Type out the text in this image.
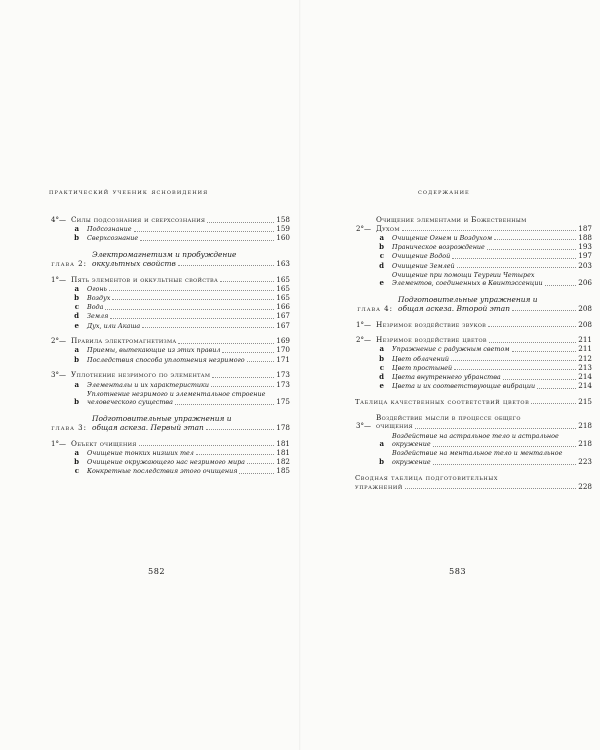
практический учебник ясновидения
4°— Силы подсознания и сверхсознания	158
a Подсознание	159
b Сверхсознание	160
глава 2:
Электромагнетизм и пробуждение оккультных свойств	163
1°— Пять элементов и оккультные свойства	165
a Огонь	165
b Воздух	165
c Вода	166
d Земля	167
e Дух, или Акаша	167
2°— Правила электромагнетизма	169
a Приемы, вытекающие из этих правил	170
b Последствия способа уплотнения незримого	171
3°— Уплотнение незримого по элементам	173
a Элементалы и их характеристики	173
b
Уплотнение незримого и элементальное строение человеческого существа	175
глава 3:
Подготовительные упражнения и общая аскеза. Первый этап	178
1°— Объект очищения	181
a Очищение тонких низших тел	181
b Очищение окружающего нас незримого мира	182
c Конкретные последствия этого очищения	185
582
содержание
2°—
Очищение элементами и Божественным Духом	187
a Очищение Огнем и Воздухом	188
b Праническое возрождение	193
c Очищение Водой	197
d Очищение Землей	203
e
Очищение при помощи Теургии Четырех Элементов, соединенных в Квинтэссенции	206
глава 4:
Подготовительные упражнения и общая аскеза. Второй этап	208
1°— Незримое воздействие звуков	208
2°— Незримое воздействие цветов	211
a Упражнение с радужным светом	211
b Цвет облачений	212
c Цвет простыней	213
d Цвета внутреннего убранства	214
e Цвета и их соответствующие вибрации	214
Таблица качественных соответствий цветов	215
3°—
Воздействие мысли в процессе общего очищения	218
a
Воздействие на астральное тело и астральное окружение	218
b
Воздействие на ментальное тело и ментальное окружение	223
Сводная таблица подготовительных упражнений	228
583
